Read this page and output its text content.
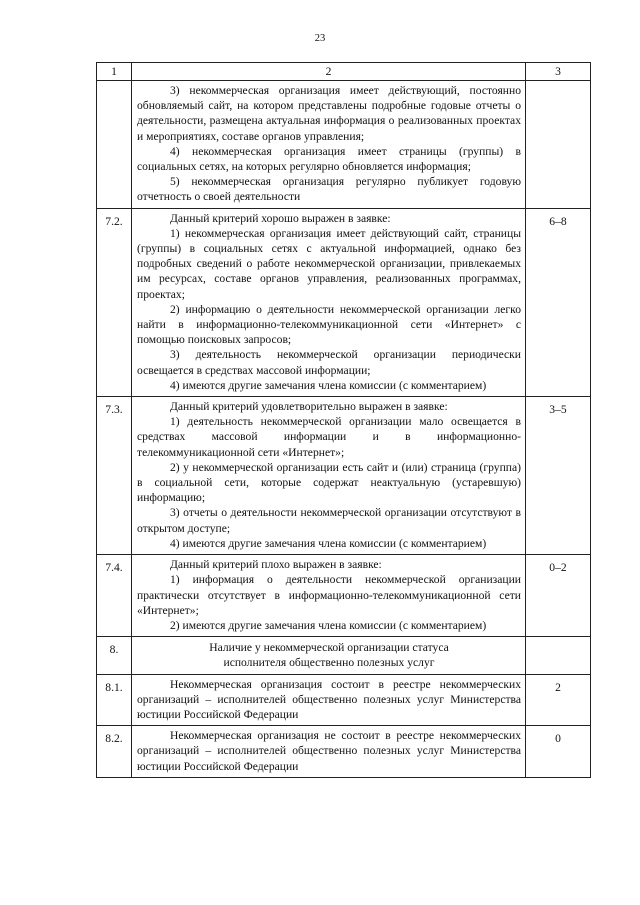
23
1	2	3

	3) некоммерческая организация имеет действующий, постоянно обновляемый сайт, на котором представлены подробные годовые отчеты о деятельности, размещена актуальная информация о реализованных проектах и мероприятиях, составе органов управления;

4) некоммерческая организация имеет страницы (группы) в социальных сетях, на которых регулярно обновляется информация;

5) некоммерческая организация регулярно публикует годовую отчетность о своей деятельности	

7.2.	Данный критерий хорошо выражен в заявке:

1) некоммерческая организация имеет действующий сайт, страницы (группы) в социальных сетях с актуальной информацией, однако без подробных сведений о работе некоммерческой организации, привлекаемых им ресурсах, составе органов управления, реализованных программах, проектах;

2) информацию о деятельности некоммерческой организации легко найти в информационно-телекоммуникационной сети «Интернет» с помощью поисковых запросов;

3) деятельность некоммерческой организации периодически освещается в средствах массовой информации;

4) имеются другие замечания члена комиссии (с комментарием)	6–8
7.3.	Данный критерий удовлетворительно выражен в заявке:

1) деятельность некоммерческой организации мало освещается в средствах массовой информации и в информационно-телекоммуникационной сети «Интернет»;

2) у некоммерческой организации есть сайт и (или) страница (группа) в социальной сети, которые содержат неактуальную (устаревшую) информацию;

3) отчеты о деятельности некоммерческой организации отсутствуют в открытом доступе;

4) имеются другие замечания члена комиссии (с комментарием)	3–5
7.4.	Данный критерий плохо выражен в заявке:

1) информация о деятельности некоммерческой организации практически отсутствует в информационно-телекоммуникационной сети «Интернет»;

2) имеются другие замечания члена комиссии (с комментарием)	0–2
8.	Наличие у некоммерческой организации статуса исполнителя общественно полезных услуг	

8.1.	Некоммерческая организация состоит в реестре некоммерческих организаций – исполнителей общественно полезных услуг Министерства юстиции Российской Федерации	2
8.2.	Некоммерческая организация не состоит в реестре некоммерческих организаций – исполнителей общественно полезных услуг Министерства юстиции Российской Федерации	0
